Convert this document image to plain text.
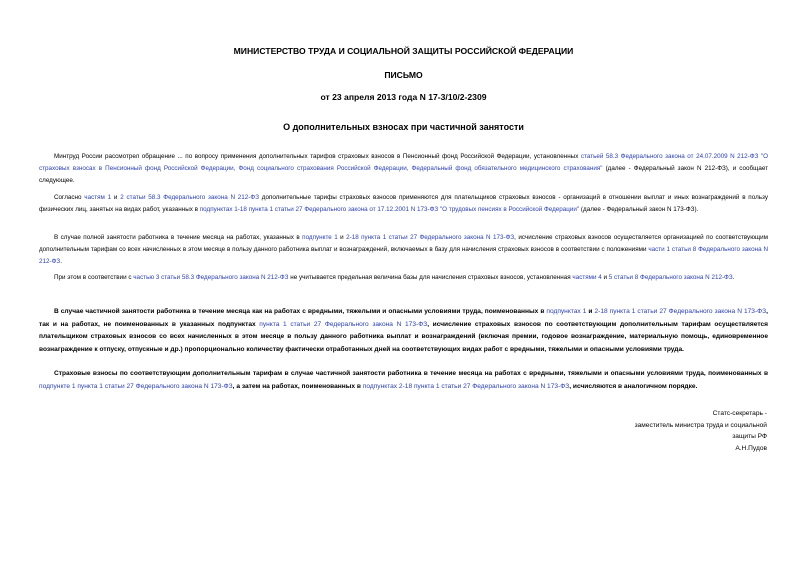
МИНИСТЕРСТВО ТРУДА И СОЦИАЛЬНОЙ ЗАЩИТЫ РОССИЙСКОЙ ФЕДЕРАЦИИ
ПИСЬМО
от 23 апреля 2013 года N 17-3/10/2-2309
О дополнительных взносах при частичной занятости

Минтруд России рассмотрел обращение ... по вопросу применения дополнительных тарифов страховых взносов в Пенсионный фонд Российской Федерации, установленных статьей 58.3 Федерального закона от 24.07.2009 N 212-ФЗ "О страховых взносах в Пенсионный фонд Российской Федерации, Фонд социального страхования Российской Федерации, Федеральный фонд обязательного медицинского страхования" (далее - Федеральный закон N 212-ФЗ), и сообщает следующее.

Согласно частям 1 и 2 статьи 58.3 Федерального закона N 212-ФЗ дополнительные тарифы страховых взносов применяются для плательщиков страховых взносов - организаций в отношении выплат и иных вознаграждений в пользу физических лиц, занятых на видах работ, указанных в подпунктах 1-18 пункта 1 статьи 27 Федерального закона от 17.12.2001 N 173-ФЗ "О трудовых пенсиях в Российской Федерации" (далее - Федеральный закон N 173-ФЗ).

В случае полной занятости работника в течение месяца на работах, указанных в подпункте 1 и 2-18 пункта 1 статьи 27 Федерального закона N 173-ФЗ, исчисление страховых взносов осуществляется организацией по соответствующим дополнительным тарифам со всех начисленных в этом месяце в пользу данного работника выплат и вознаграждений, включаемых в базу для начисления страховых взносов в соответствии с положениями части 1 статьи 8 Федерального закона N 212-ФЗ.

При этом в соответствии с частью 3 статьи 58.3 Федерального закона N 212-ФЗ не учитывается предельная величина базы для начисления страховых взносов, установленная частями 4 и 5 статьи 8 Федерального закона N 212-ФЗ.

В случае частичной занятости работника в течение месяца как на работах с вредными, тяжелыми и опасными условиями труда, поименованных в подпунктах 1 и 2-18 пункта 1 статьи 27 Федерального закона N 173-ФЗ, так и на работах, не поименованных в указанных подпунктах пункта 1 статьи 27 Федерального закона N 173-ФЗ, исчисление страховых взносов по соответствующим дополнительным тарифам осуществляется плательщиком страховых взносов со всех начисленных в этом месяце в пользу данного работника выплат и вознаграждений (включая премии, годовое вознаграждение, материальную помощь, единовременное вознаграждение к отпуску, отпускные и др.) пропорционально количеству фактически отработанных дней на соответствующих видах работ с вредными, тяжелыми и опасными условиями труда.

Страховые взносы по соответствующим дополнительным тарифам в случае частичной занятости работника в течение месяца на работах с вредными, тяжелыми и опасными условиями труда, поименованных в подпункте 1 пункта 1 статьи 27 Федерального закона N 173-ФЗ, а затем на работах, поименованных в подпунктах 2-18 пункта 1 статьи 27 Федерального закона N 173-ФЗ, исчисляются в аналогичном порядке.

Статс-секретарь -
заместитель министра труда и социальной
защиты РФ
А.Н.Пудов
